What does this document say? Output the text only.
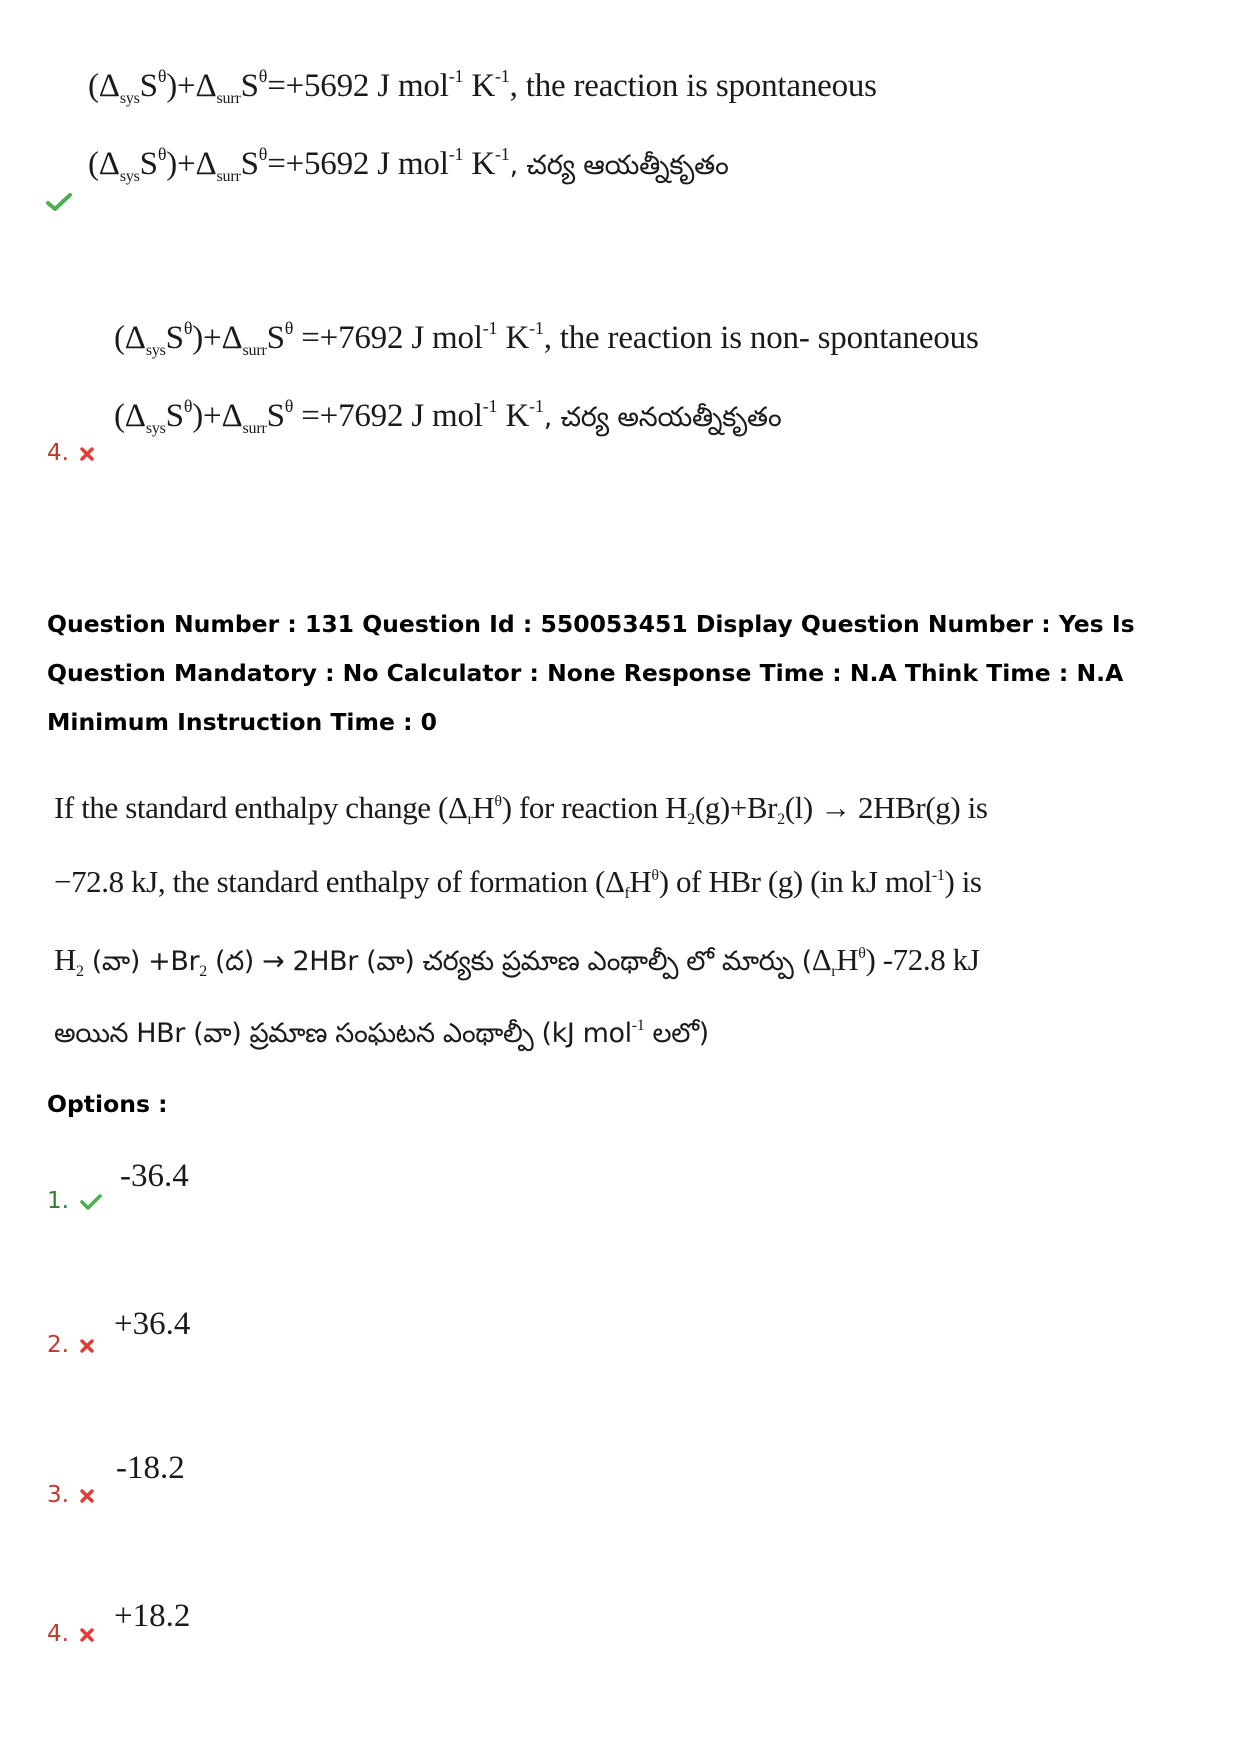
$(\Delta_{sys}S^\theta)+\Delta_{surr}S^\theta=+5692$ J mol$^{-1}$ $K^{-1}$, the reaction is spontaneous
$(\Delta_{sys}S^\theta)+\Delta_{surr}S^\theta=+5692$ J mol$^{-1}$ $K^{-1}$, చర్య ఆయత్నీకృతం
$(\Delta_{sys}S^\theta)+\Delta_{surr}S^\theta =+7692$ J mol$^{-1}$ $K^{-1}$, the reaction is non- spontaneous
$(\Delta_{sys}S^\theta)+\Delta_{surr}S^\theta =+7692$ J mol$^{-1}$ $K^{-1}$, చర్య అనయత్నీకృతం
4.
Question Number : 131 Question Id : 550053451 Display Question Number : Yes Is Question Mandatory : No Calculator : None Response Time : N.A Think Time : N.A Minimum Instruction Time : 0
If the standard enthalpy change $(\Delta_rH^\theta)$ for reaction $H_2(g)+Br_2(l) \to 2HBr(g)$ is
−72.8 kJ, the standard enthalpy of formation $(\Delta_fH^\theta)$ of HBr (g) (in kJ mol$^{-1}$) is
$H_2$ (వా) $+Br_2$ (ద) → 2HBr (వా) చర్యకు ప్రమాణ ఎంథాల్పీ లో మార్పు $(\Delta_rH^\theta)$ -72.8 kJ
అయిన HBr (వా) ప్రమాణ సంఘటన ఎంథాల్పీ (kJ mol$^{-1}$ లలో)
Options :
1.
-36.4
2.
+36.4
3.
-18.2
4.	+18.2
